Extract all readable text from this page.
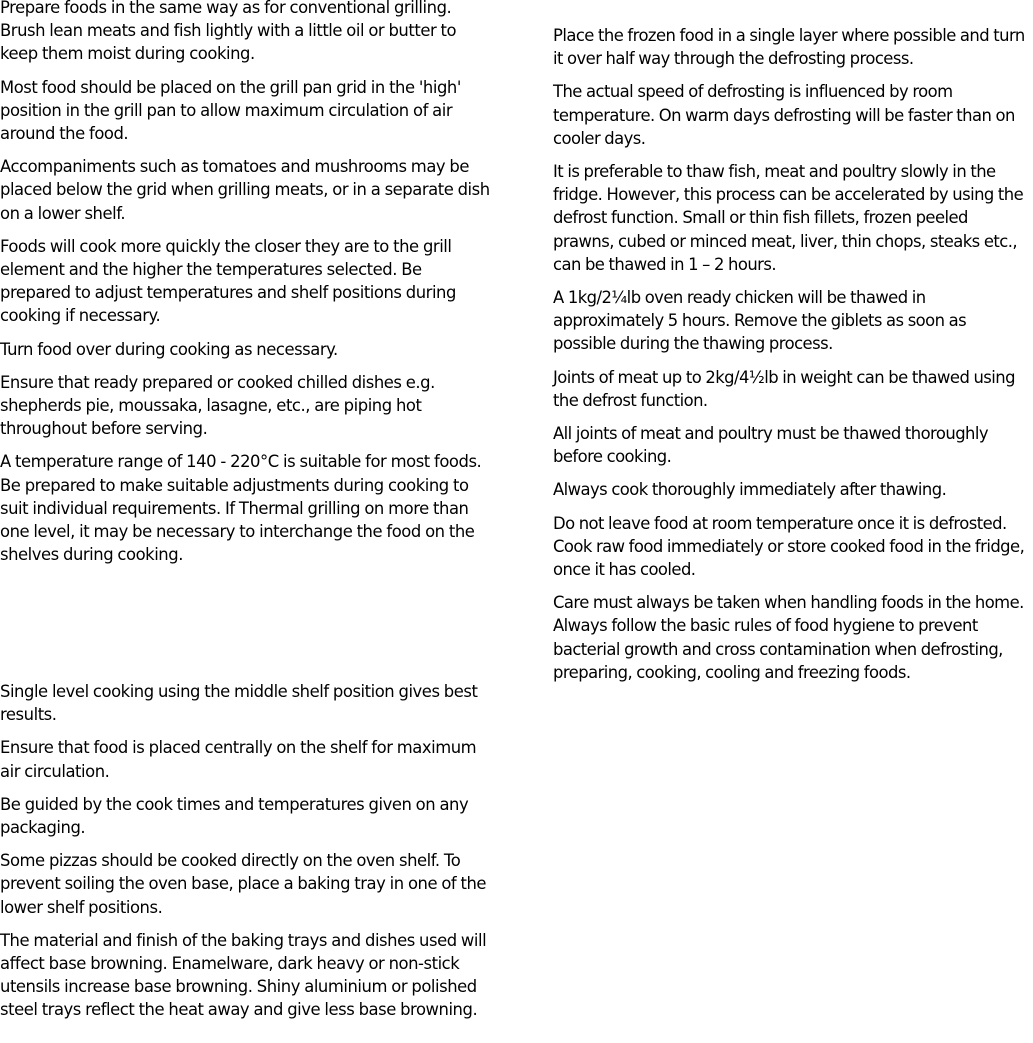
Prepare foods in the same way as for conventional grilling. Brush lean meats and fish lightly with a little oil or butter to keep them moist during cooking.

Most food should be placed on the grill pan grid in the 'high' position in the grill pan to allow maximum circulation of air around the food.

Accompaniments such as tomatoes and mushrooms may be placed below the grid when grilling meats, or in a separate dish on a lower shelf.

Foods will cook more quickly the closer they are to the grill element and the higher the temperatures selected. Be prepared to adjust temperatures and shelf positions during cooking if necessary.

Turn food over during cooking as necessary.

Ensure that ready prepared or cooked chilled dishes e.g. shepherds pie, moussaka, lasagne, etc., are piping hot throughout before serving.

A temperature range of 140 - 220°C is suitable for most foods. Be prepared to make suitable adjustments during cooking to suit individual requirements. If Thermal grilling on more than one level, it may be necessary to interchange the food on the shelves during cooking.

Single level cooking using the middle shelf position gives best results.

Ensure that food is placed centrally on the shelf for maximum air circulation.

Be guided by the cook times and temperatures given on any packaging.

Some pizzas should be cooked directly on the oven shelf. To prevent soiling the oven base, place a baking tray in one of the lower shelf positions.

The material and finish of the baking trays and dishes used will affect base browning. Enamelware, dark heavy or non-stick utensils increase base browning. Shiny aluminium or polished steel trays reflect the heat away and give less base browning.

Place the frozen food in a single layer where possible and turn it over half way through the defrosting process.

The actual speed of defrosting is influenced by room temperature. On warm days defrosting will be faster than on cooler days.

It is preferable to thaw fish, meat and poultry slowly in the fridge. However, this process can be accelerated by using the defrost function. Small or thin fish fillets, frozen peeled prawns, cubed or minced meat, liver, thin chops, steaks etc., can be thawed in 1 – 2 hours.

A 1kg/2¼lb oven ready chicken will be thawed in approximately 5 hours. Remove the giblets as soon as possible during the thawing process.

Joints of meat up to 2kg/4½lb in weight can be thawed using the defrost function.

All joints of meat and poultry must be thawed thoroughly before cooking.

Always cook thoroughly immediately after thawing.

Do not leave food at room temperature once it is defrosted. Cook raw food immediately or store cooked food in the fridge, once it has cooled.

Care must always be taken when handling foods in the home. Always follow the basic rules of food hygiene to prevent bacterial growth and cross contamination when defrosting, preparing, cooking, cooling and freezing foods.
